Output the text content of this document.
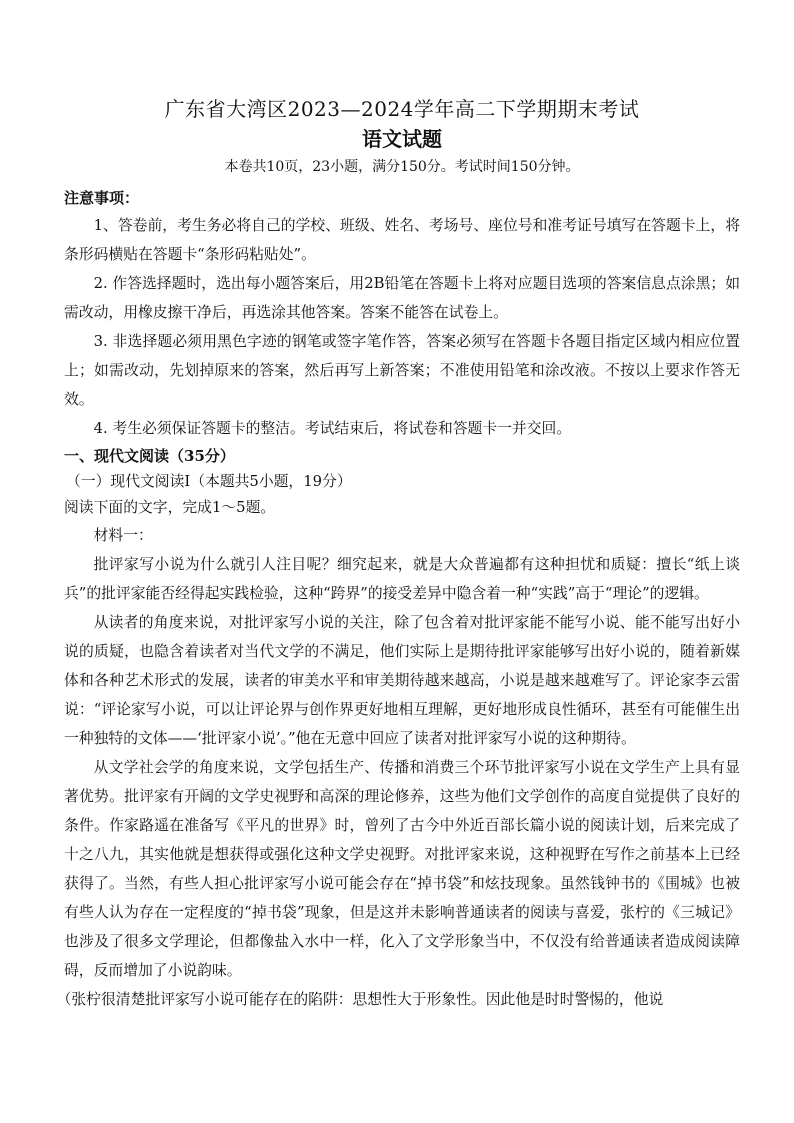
广东省大湾区2023—2024学年高二下学期期末考试
语文试题
本卷共10页，23小题，满分150分。考试时间150分钟。
注意事项：

1、答卷前，考生务必将自己的学校、班级、姓名、考场号、座位号和准考证号填写在答题卡上，将条形码横贴在答题卡“条形码粘贴处”。

2. 作答选择题时，选出每小题答案后，用2B铅笔在答题卡上将对应题目选项的答案信息点涂黑；如需改动，用橡皮擦干净后，再选涂其他答案。答案不能答在试卷上。

3. 非选择题必须用黑色字迹的钢笔或签字笔作答，答案必须写在答题卡各题目指定区域内相应位置上；如需改动，先划掉原来的答案，然后再写上新答案；不准使用铅笔和涂改液。不按以上要求作答无效。

4. 考生必须保证答题卡的整洁。考试结束后，将试卷和答题卡一并交回。

一、现代文阅读（35分）
（一）现代文阅读Ⅰ（本题共5小题，19分）
阅读下面的文字，完成1～5题。

材料一：

批评家写小说为什么就引人注目呢？细究起来，就是大众普遍都有这种担忧和质疑：擅长“纸上谈兵”的批评家能否经得起实践检验，这种“跨界”的接受差异中隐含着一种“实践”高于“理论”的逻辑。

从读者的角度来说，对批评家写小说的关注，除了包含着对批评家能不能写小说、能不能写出好小说的质疑，也隐含着读者对当代文学的不满足，他们实际上是期待批评家能够写出好小说的，随着新媒体和各种艺术形式的发展，读者的审美水平和审美期待越来越高，小说是越来越难写了。评论家李云雷说：“评论家写小说，可以让评论界与创作界更好地相互理解，更好地形成良性循环，甚至有可能催生出一种独特的文体——‘批评家小说’。”他在无意中回应了读者对批评家写小说的这种期待。

从文学社会学的角度来说，文学包括生产、传播和消费三个环节批评家写小说在文学生产上具有显著优势。批评家有开阔的文学史视野和高深的理论修养，这些为他们文学创作的高度自觉提供了良好的条件。作家路遥在准备写《平凡的世界》时，曾列了古今中外近百部长篇小说的阅读计划，后来完成了十之八九，其实他就是想获得或强化这种文学史视野。对批评家来说，这种视野在写作之前基本上已经获得了。当然，有些人担心批评家写小说可能会存在“掉书袋”和炫技现象。虽然钱钟书的《围城》也被有些人认为存在一定程度的“掉书袋”现象，但是这并未影响普通读者的阅读与喜爱，张柠的《三城记》也涉及了很多文学理论，但都像盐入水中一样，化入了文学形象当中，不仅没有给普通读者造成阅读障碍，反而增加了小说韵味。

（张柠很清楚批评家写小说可能存在的陷阱：思想性大于形象性。因此他是时时警惕的，他说
